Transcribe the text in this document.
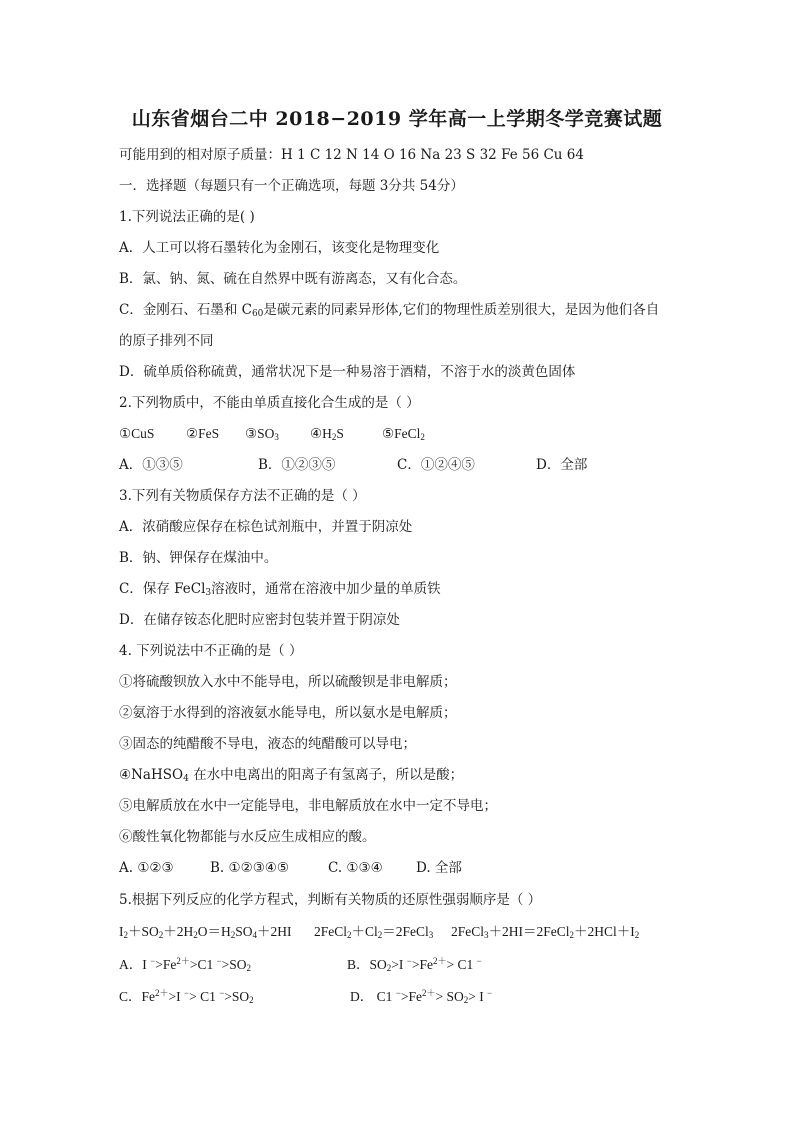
山东省烟台二中 2018−2019 学年高一上学期冬学竞赛试题
可能用到的相对原子质量：H 1 C 12 N 14 O 16 Na 23 S 32 Fe 56 Cu 64
一．选择题（每题只有一个正确选项，每题 3分共 54分）
1.下列说法正确的是( )
A．人工可以将石墨转化为金刚石，该变化是物理变化
B．氯、钠、氮、硫在自然界中既有游离态，又有化合态。
C．金刚石、石墨和 $C_{60}$是碳元素的同素异形体,它们的物理性质差别很大，是因为他们各自
的原子排列不同
D．硫单质俗称硫黄，通常状况下是一种易溶于酒精，不溶于水的淡黄色固体
2.下列物质中，不能由单质直接化合生成的是（ ）
①CuS ②FeS $③SO_3$ $④H_2S$	⑤FeCl$_2$
A．①③⑤	B．①②③⑤	C．①②④⑤	D．全部
3.下列有关物质保存方法不正确的是（ ）
A．浓硝酸应保存在棕色试剂瓶中，并置于阴凉处
B．钠、钾保存在煤油中。
C．保存 FeCl$_3$溶液时，通常在溶液中加少量的单质铁
D．在储存铵态化肥时应密封包装并置于阴凉处
4. 下列说法中不正确的是（ ）
①将硫酸钡放入水中不能导电，所以硫酸钡是非电解质；
②氨溶于水得到的溶液氨水能导电，所以氨水是电解质；
③固态的纯醋酸不导电，液态的纯醋酸可以导电；
④NaHSO$_4$ 在水中电离出的阳离子有氢离子，所以是酸；
⑤电解质放在水中一定能导电，非电解质放在水中一定不导电；
⑥酸性氧化物都能与水反应生成相应的酸。
A. ①②③	B. ①②③④⑤	C. ①③④ D. 全部
5.根据下列反应的化学方程式，判断有关物质的还原性强弱顺序是（ ）
$I_2+SO_2+2H_2O=H_2SO_4+2HI$ $2FeCl_2+Cl_2=2FeCl_3$ $2FeCl_3+2HI=2FeCl_2+2HCl+I_2$
A．I $^->Fe^{2+}>C1$ $^->SO_2$	B．$SO_2>I$ $^->Fe^{2+}> C1$ −
C．$Fe^{2+}>I$ −> C1 $^->SO_2$	D． C1 $^->Fe^{2+}> SO_2> I$ −
